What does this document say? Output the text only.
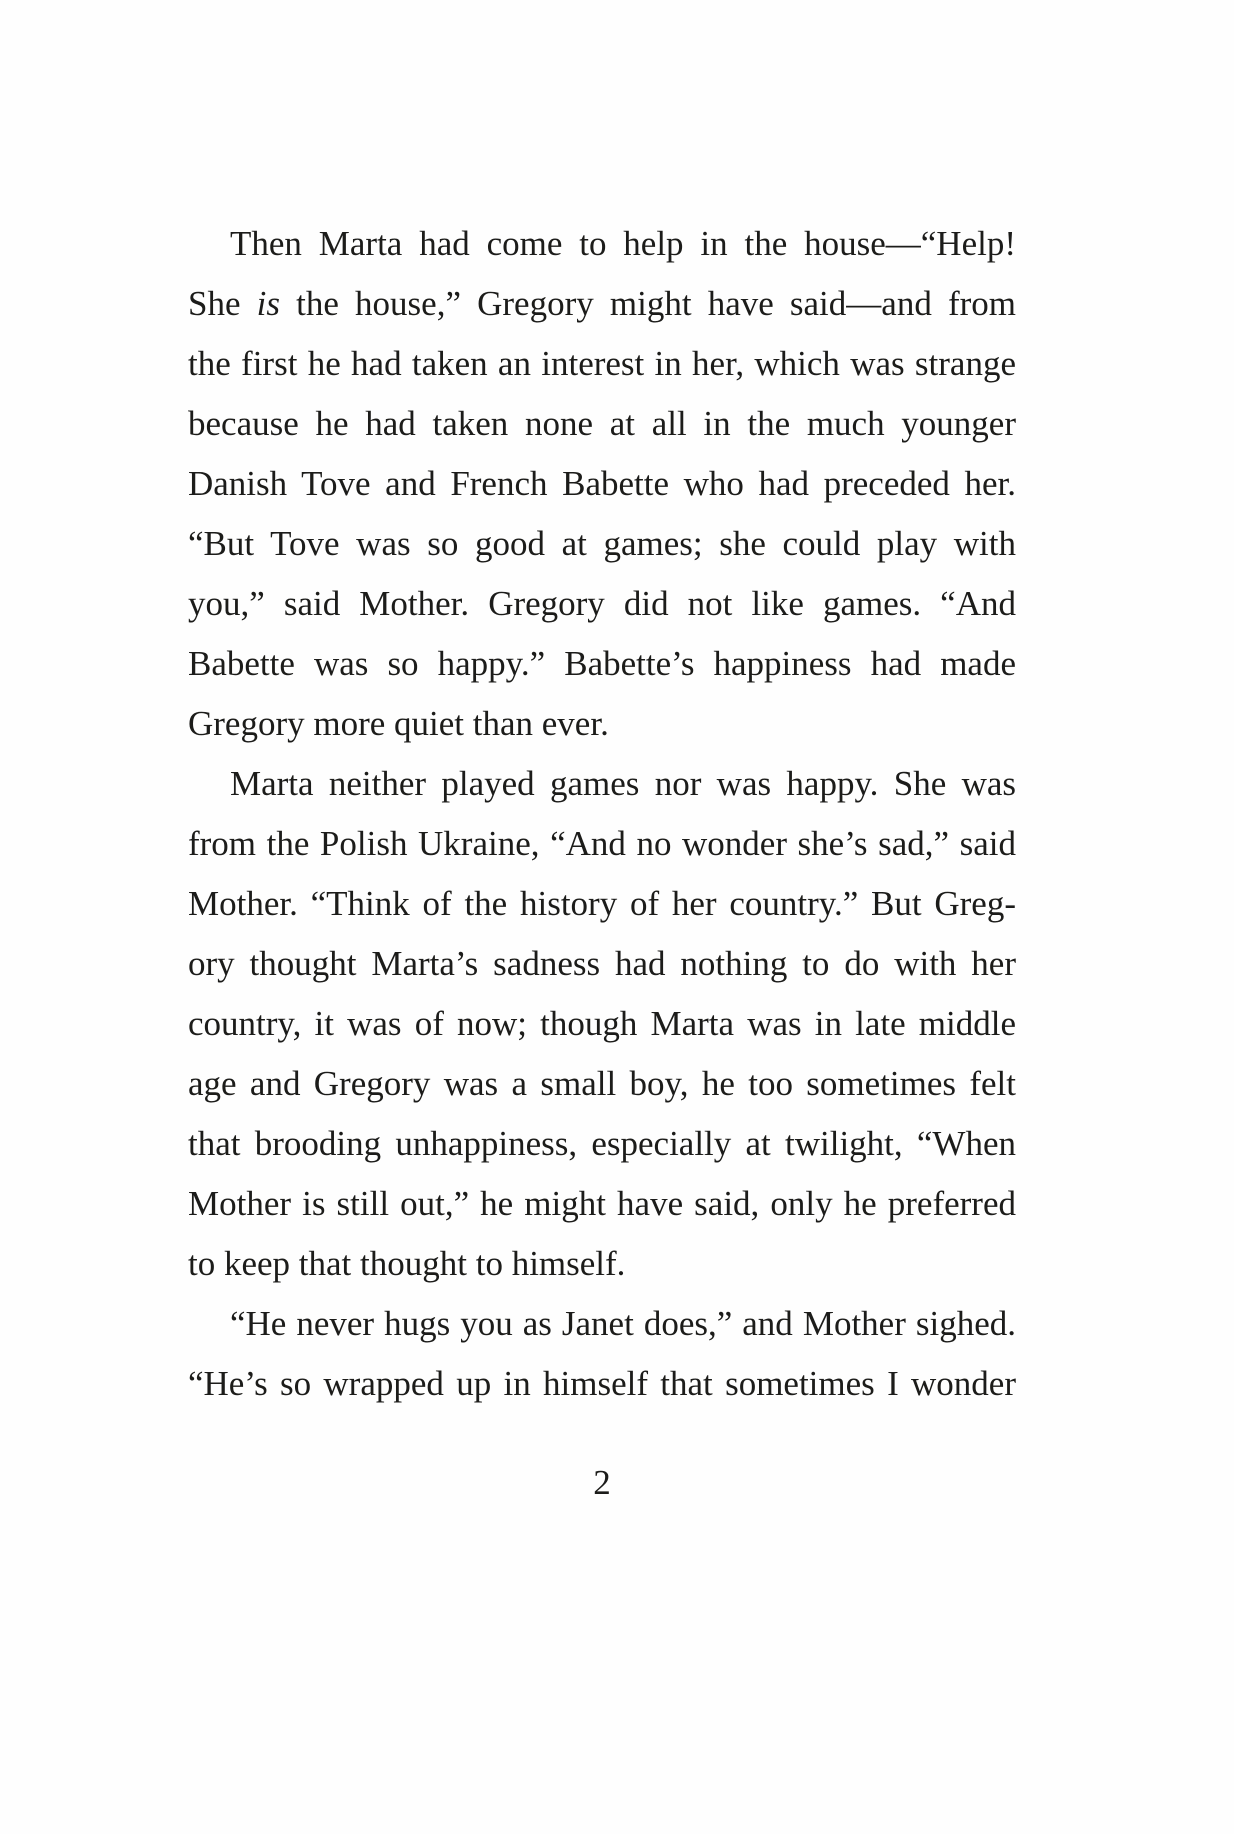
Then Marta had come to help in the house—“Help!
She is the house,” Gregory might have said—and from
the first he had taken an interest in her, which was strange
because he had taken none at all in the much younger
Danish Tove and French Babette who had preceded her.
“But Tove was so good at games; she could play with
you,” said Mother. Gregory did not like games. “And
Babette was so happy.” Babette’s happiness had made
Gregory more quiet than ever.
Marta neither played games nor was happy. She was
from the Polish Ukraine, “And no wonder she’s sad,” said
Mother. “Think of the history of her country.” But Greg-
ory thought Marta’s sadness had nothing to do with her
country, it was of now; though Marta was in late middle
age and Gregory was a small boy, he too sometimes felt
that brooding unhappiness, especially at twilight, “When
Mother is still out,” he might have said, only he preferred
to keep that thought to himself.
“He never hugs you as Janet does,” and Mother sighed.
“He’s so wrapped up in himself that sometimes I wonder
2
